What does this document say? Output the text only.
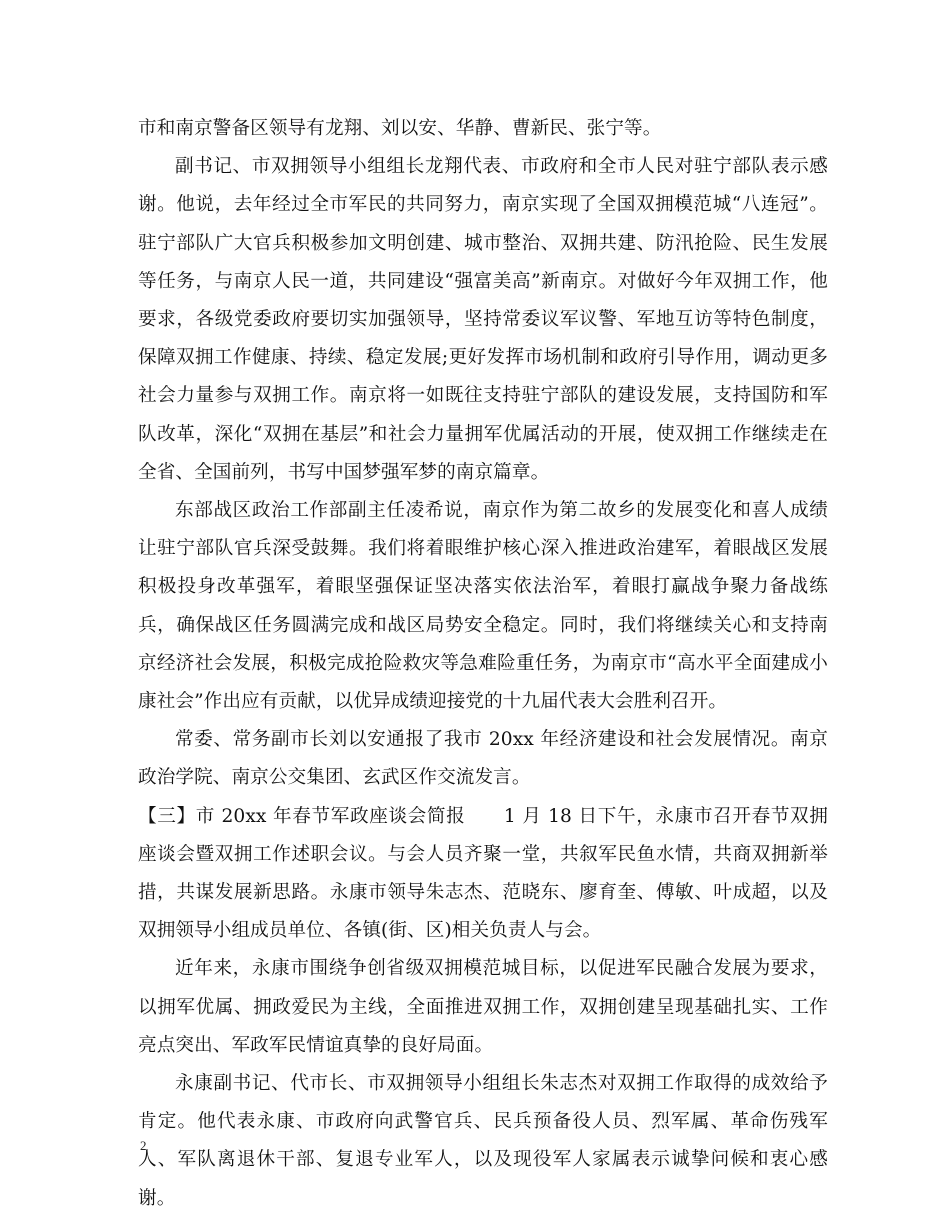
市和南京警备区领导有龙翔、刘以安、华静、曹新民、张宁等。

副书记、市双拥领导小组组长龙翔代表、市政府和全市人民对驻宁部队表示感谢。他说，去年经过全市军民的共同努力，南京实现了全国双拥模范城“八连冠”。驻宁部队广大官兵积极参加文明创建、城市整治、双拥共建、防汛抢险、民生发展等任务，与南京人民一道，共同建设“强富美高”新南京。对做好今年双拥工作，他要求，各级党委政府要切实加强领导，坚持常委议军议警、军地互访等特色制度，保障双拥工作健康、持续、稳定发展;更好发挥市场机制和政府引导作用，调动更多社会力量参与双拥工作。南京将一如既往支持驻宁部队的建设发展，支持国防和军队改革，深化“双拥在基层”和社会力量拥军优属活动的开展，使双拥工作继续走在全省、全国前列，书写中国梦强军梦的南京篇章。

东部战区政治工作部副主任凌希说，南京作为第二故乡的发展变化和喜人成绩让驻宁部队官兵深受鼓舞。我们将着眼维护核心深入推进政治建军，着眼战区发展积极投身改革强军，着眼坚强保证坚决落实依法治军，着眼打赢战争聚力备战练兵，确保战区任务圆满完成和战区局势安全稳定。同时，我们将继续关心和支持南京经济社会发展，积极完成抢险救灾等急难险重任务，为南京市“高水平全面建成小康社会”作出应有贡献，以优异成绩迎接党的十九届代表大会胜利召开。

常委、常务副市长刘以安通报了我市 20xx 年经济建设和社会发展情况。南京政治学院、南京公交集团、玄武区作交流发言。

【三】市 20xx 年春节军政座谈会简报　　1 月 18 日下午，永康市召开春节双拥座谈会暨双拥工作述职会议。与会人员齐聚一堂，共叙军民鱼水情，共商双拥新举措，共谋发展新思路。永康市领导朱志杰、范晓东、廖育奎、傅敏、叶成超，以及双拥领导小组成员单位、各镇(街、区)相关负责人与会。

近年来，永康市围绕争创省级双拥模范城目标，以促进军民融合发展为要求，以拥军优属、拥政爱民为主线，全面推进双拥工作，双拥创建呈现基础扎实、工作亮点突出、军政军民情谊真挚的良好局面。

永康副书记、代市长、市双拥领导小组组长朱志杰对双拥工作取得的成效给予肯定。他代表永康、市政府向武警官兵、民兵预备役人员、烈军属、革命伤残军人、军队离退休干部、复退专业军人，以及现役军人家属表示诚挚问候和衷心感谢。

2
